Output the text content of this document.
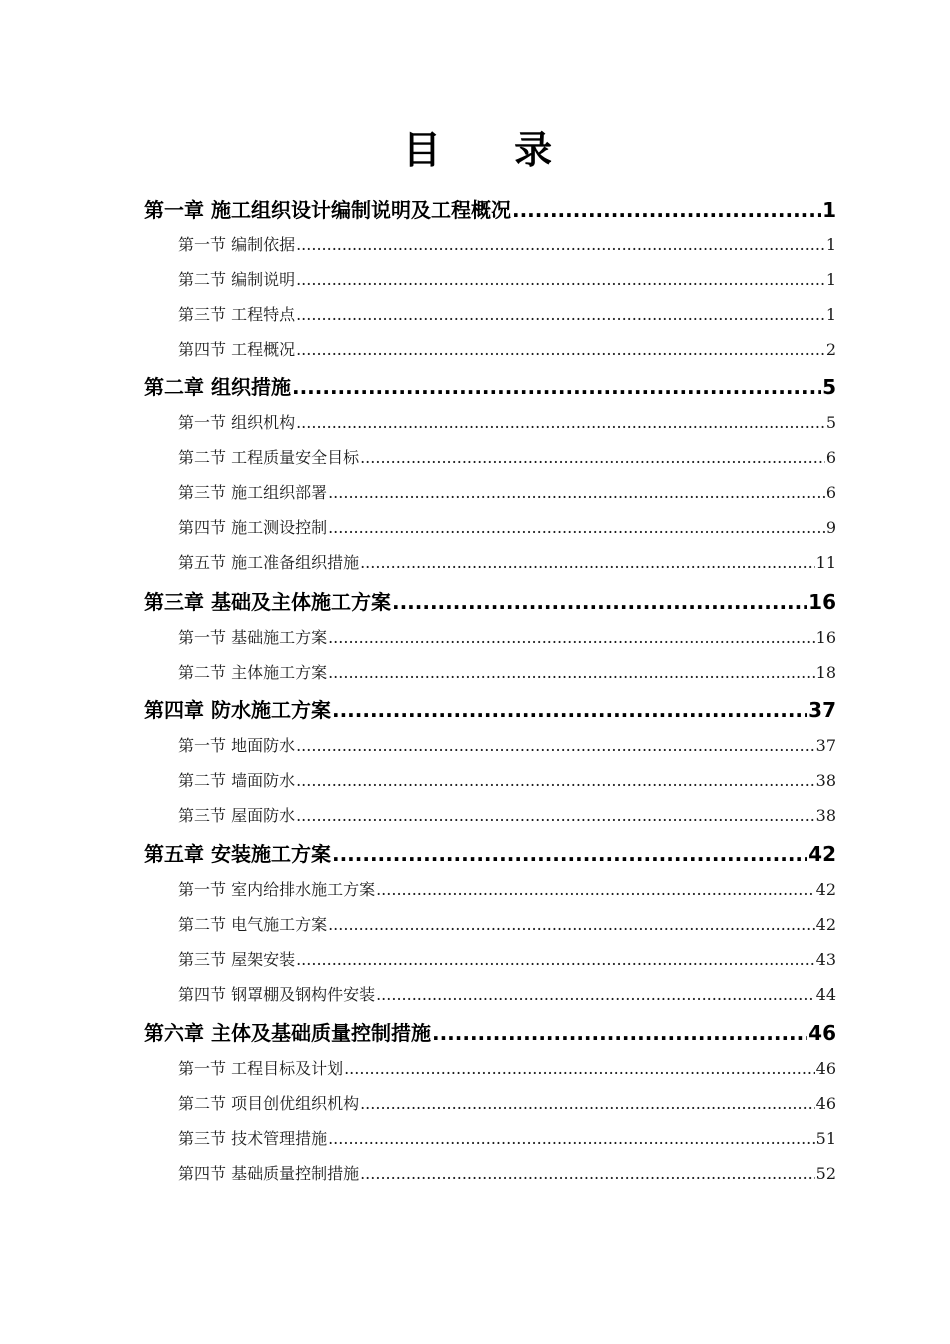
目 录
第一章 施工组织设计编制说明及工程概况 .....	1
第一节 编制依据 .....	1
第二节 编制说明 .....	1
第三节 工程特点 .....	1
第四节 工程概况 .....	2
第二章 组织措施 .....	5
第一节 组织机构 .....	5
第二节 工程质量安全目标 .....	6
第三节 施工组织部署 .....	6
第四节 施工测设控制 .....	9
第五节 施工准备组织措施 .....	11
第三章 基础及主体施工方案 .....	16
第一节 基础施工方案 .....	16
第二节 主体施工方案 .....	18
第四章 防水施工方案 .....	37
第一节 地面防水 .....	37
第二节 墙面防水 .....	38
第三节 屋面防水 .....	38
第五章 安装施工方案 .....	42
第一节 室内给排水施工方案 .....	42
第二节 电气施工方案 .....	42
第三节 屋架安装 .....	43
第四节 钢罩棚及钢构件安装 .....	44
第六章 主体及基础质量控制措施 .....	46
第一节 工程目标及计划 .....	46
第二节 项目创优组织机构 .....	46
第三节 技术管理措施 .....	51
第四节 基础质量控制措施 .....	52
